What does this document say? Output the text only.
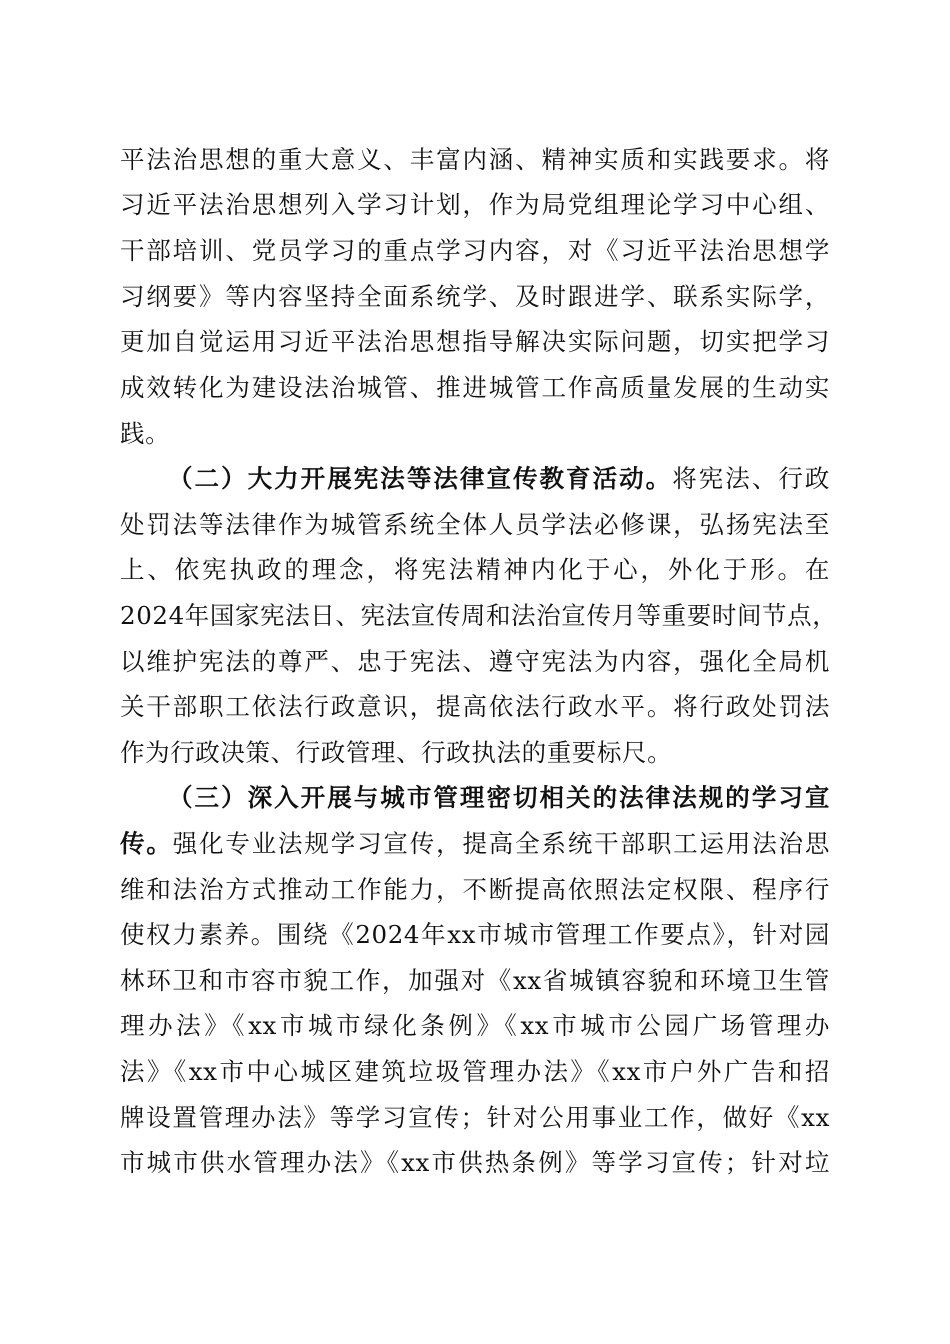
平法治思想的重大意义、丰富内涵、精神实质和实践要求。将
习近平法治思想列入学习计划，作为局党组理论学习中心组、
干部培训、党员学习的重点学习内容，对《习近平法治思想学
习纲要》等内容坚持全面系统学、及时跟进学、联系实际学，
更加自觉运用习近平法治思想指导解决实际问题，切实把学习
成效转化为建设法治城管、推进城管工作高质量发展的生动实
践。
（二）大力开展宪法等法律宣传教育活动。将宪法、行政
处罚法等法律作为城管系统全体人员学法必修课，弘扬宪法至
上、依宪执政的理念，将宪法精神内化于心，外化于形。在
2024年国家宪法日、宪法宣传周和法治宣传月等重要时间节点，
以维护宪法的尊严、忠于宪法、遵守宪法为内容，强化全局机
关干部职工依法行政意识，提高依法行政水平。将行政处罚法
作为行政决策、行政管理、行政执法的重要标尺。
（三）深入开展与城市管理密切相关的法律法规的学习宣
传。强化专业法规学习宣传，提高全系统干部职工运用法治思
维和法治方式推动工作能力，不断提高依照法定权限、程序行
使权力素养。围绕《2024年xx市城市管理工作要点》，针对园
林环卫和市容市貌工作，加强对《xx省城镇容貌和环境卫生管
理办法》《xx市城市绿化条例》《xx市城市公园广场管理办
法》《xx市中心城区建筑垃圾管理办法》《xx市户外广告和招
牌设置管理办法》等学习宣传；针对公用事业工作，做好《xx
市城市供水管理办法》《xx市供热条例》等学习宣传；针对垃
